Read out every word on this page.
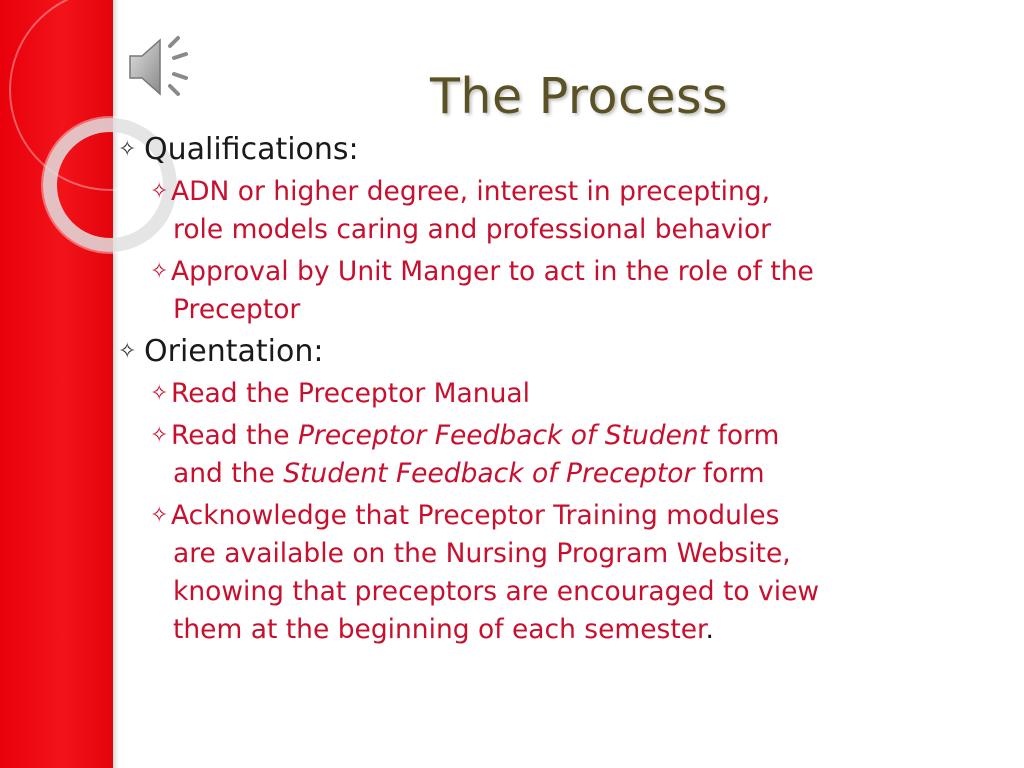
The Process
✧ Qualifications:
✧ ADN or higher degree, interest in precepting,
role models caring and professional behavior
✧ Approval by Unit Manger to act in the role of the
Preceptor
✧ Orientation:
✧ Read the Preceptor Manual
✧ Read the Preceptor Feedback of Student form
and the Student Feedback of Preceptor form
✧ Acknowledge that Preceptor Training modules
are available on the Nursing Program Website,
knowing that preceptors are encouraged to view
them at the beginning of each semester.
